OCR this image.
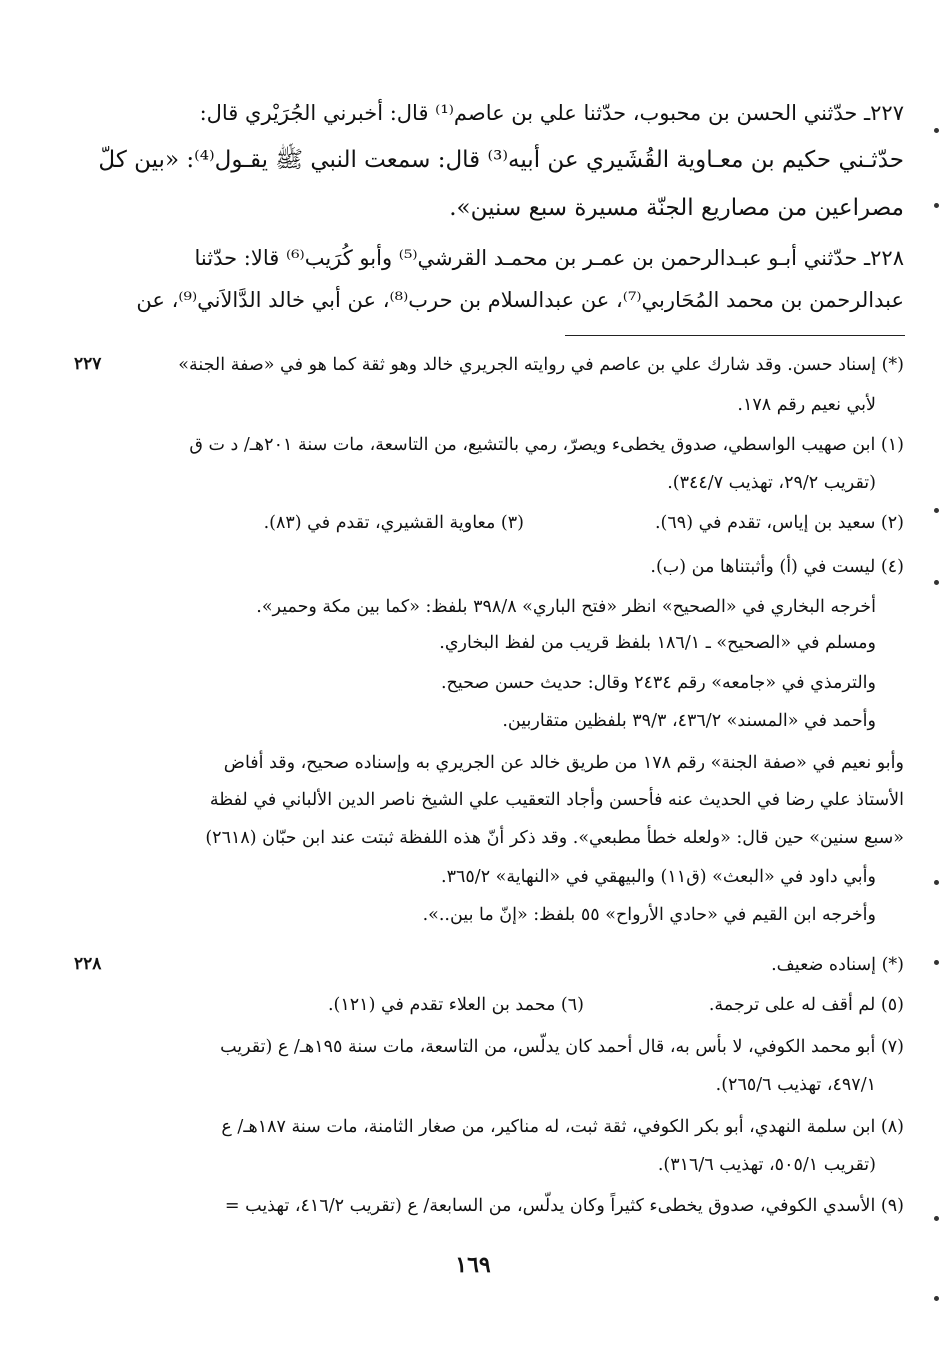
٢٢٧ـ حدّثني الحسن بن محبوب، حدّثنا علي بن عاصم⁽¹⁾ قال: أخبرني الجُرَيْري قال:
حدّثـني حكيم بن معـاوية القُشَيري عن أبيه⁽³⁾ قال: سمعت النبي ﷺ يقـول⁽⁴⁾: «بين كلّ
مصراعين من مصاريع الجنّة مسيرة سبع سنين».
٢٢٨ـ حدّثني أبـو عبـدالرحمن بن عمـر بن محمـد القرشي⁽⁵⁾ وأبو كُرَيب⁽⁶⁾ قالا: حدّثنا
عبدالرحمن بن محمد المُحَاربي⁽⁷⁾، عن عبدالسلام بن حرب⁽⁸⁾، عن أبي خالد الدَّالاَني⁽⁹⁾، عن
٢٢٧	(*) إسناد حسن. وقد شارك علي بن عاصم في روايته الجريري خالد وهو ثقة كما هو في «صفة الجنة»
لأبي نعيم رقم ١٧٨.
(١) ابن صهيب الواسطي، صدوق يخطىء ويصرّ، رمي بالتشيع، من التاسعة، مات سنة ٢٠١هـ/ د ت ق
(تقريب ٢٩/٢، تهذيب ٣٤٤/٧).
(٢) سعيد بن إياس، تقدم في (٦٩).
(٣) معاوية القشيري، تقدم في (٨٣).
(٤) ليست في (أ) وأثبتناها من (ب).
أخرجه البخاري في «الصحيح» انظر «فتح الباري» ٣٩٨/٨ بلفظ: «كما بين مكة وحمير».
ومسلم في «الصحيح» ـ ١٨٦/١ بلفظ قريب من لفظ البخاري.
والترمذي في «جامعه» رقم ٢٤٣٤ وقال: حديث حسن صحيح.
وأحمد في «المسند» ٤٣٦/٢، ٣٩/٣ بلفظين متقاربين.
وأبو نعيم في «صفة الجنة» رقم ١٧٨ من طريق خالد عن الجريري به وإسناده صحيح، وقد أفاض
الأستاذ علي رضا في الحديث عنه فأحسن وأجاد التعقيب علي الشيخ ناصر الدين الألباني في لفظة
«سبع سنين» حين قال: «ولعله خطأ مطبعي». وقد ذكر أنّ هذه اللفظة ثبتت عند ابن حبّان (٢٦١٨)
وأبي داود في «البعث» (ق١١) والبيهقي في «النهاية» ٣٦٥/٢.
وأخرجه ابن القيم في «حادي الأرواح» ٥٥ بلفظ: «إنّ ما بين..».
٢٢٨	(*) إسناده ضعيف.
(٥) لم أقف له على ترجمة.
(٦) محمد بن العلاء تقدم في (١٢١).
(٧) أبو محمد الكوفي، لا بأس به، قال أحمد كان يدلّس، من التاسعة، مات سنة ١٩٥هـ/ ع (تقريب
٤٩٧/١، تهذيب ٢٦٥/٦).
(٨) ابن سلمة النهدي، أبو بكر الكوفي، ثقة ثبت، له مناكير، من صغار الثامنة، مات سنة ١٨٧هـ/ ع
(تقريب ٥٠٥/١، تهذيب ٣١٦/٦).
(٩) الأسدي الكوفي، صدوق يخطىء كثيراً وكان يدلّس، من السابعة/ ع (تقريب ٤١٦/٢، تهذيب =
١٦٩
